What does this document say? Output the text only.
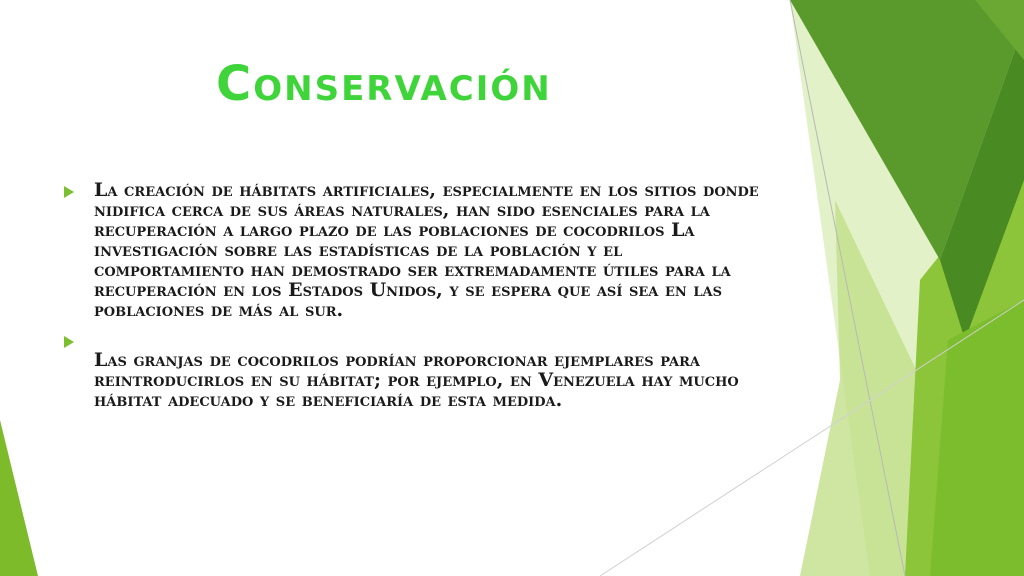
Conservación
La creación de hábitats artificiales, especialmente en los sitios donde nidifica cerca de sus áreas naturales, han sido esenciales para la recuperación a largo plazo de las poblaciones de cocodrilos La investigación sobre las estadísticas de la población y el comportamiento han demostrado ser extremadamente útiles para la recuperación en los Estados Unidos, y se espera que así sea en las poblaciones de más al sur.
Las granjas de cocodrilos podrían proporcionar ejemplares para reintroducirlos en su hábitat; por ejemplo, en Venezuela hay mucho hábitat adecuado y se beneficiaría de esta medida.
